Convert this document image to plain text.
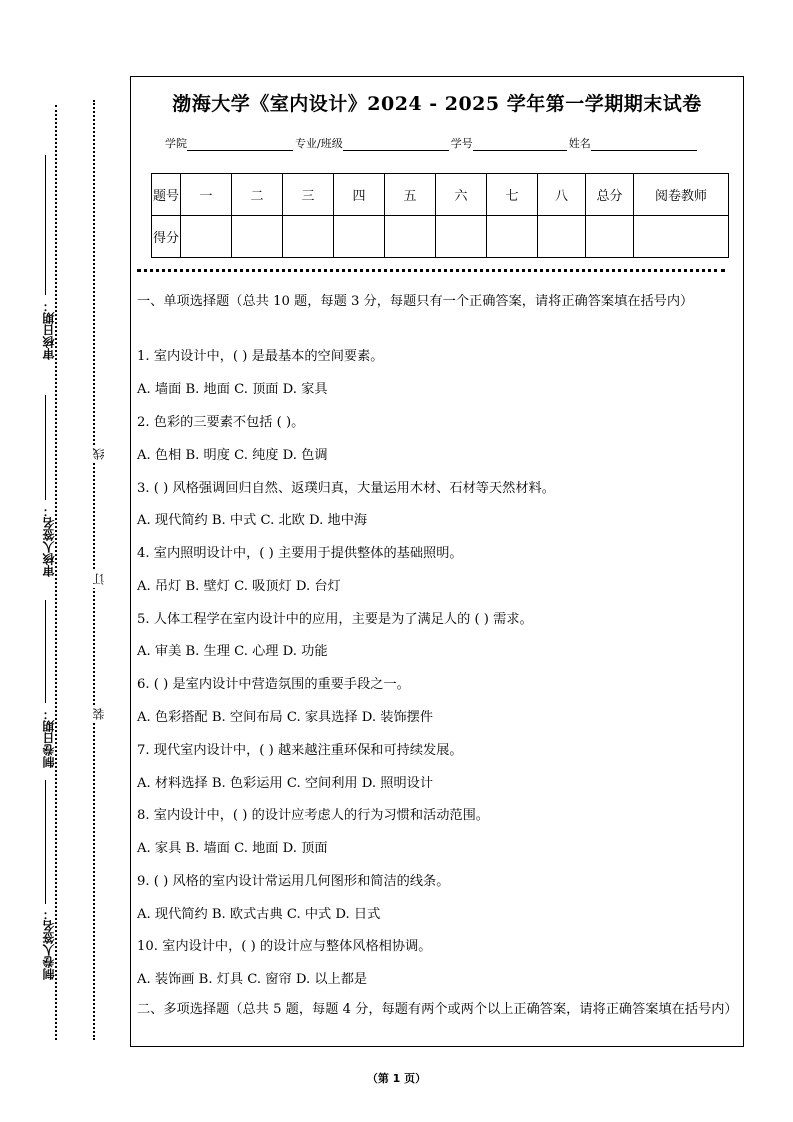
审核日期：
审核人签名：
制卷日期：
制卷人签名：
线
订
装
渤海大学《室内设计》2024 - 2025 学年第一学期期末试卷
学院	专业/班级	学号	姓名
题号	一	二	三	四	五	六	七	八	总分	阅卷教师
得分										
一、单项选择题（总共 10 题，每题 3 分，每题只有一个正确答案，请将正确答案填在括号内）
1. 室内设计中，( ) 是最基本的空间要素。
A. 墙面 B. 地面 C. 顶面 D. 家具
2. 色彩的三要素不包括 ( )。
A. 色相 B. 明度 C. 纯度 D. 色调
3. ( ) 风格强调回归自然、返璞归真，大量运用木材、石材等天然材料。
A. 现代简约 B. 中式 C. 北欧 D. 地中海
4. 室内照明设计中，( ) 主要用于提供整体的基础照明。
A. 吊灯 B. 壁灯 C. 吸顶灯 D. 台灯
5. 人体工程学在室内设计中的应用，主要是为了满足人的 ( ) 需求。
A. 审美 B. 生理 C. 心理 D. 功能
6. ( ) 是室内设计中营造氛围的重要手段之一。
A. 色彩搭配 B. 空间布局 C. 家具选择 D. 装饰摆件
7. 现代室内设计中，( ) 越来越注重环保和可持续发展。
A. 材料选择 B. 色彩运用 C. 空间利用 D. 照明设计
8. 室内设计中，( ) 的设计应考虑人的行为习惯和活动范围。
A. 家具 B. 墙面 C. 地面 D. 顶面
9. ( ) 风格的室内设计常运用几何图形和简洁的线条。
A. 现代简约 B. 欧式古典 C. 中式 D. 日式
10. 室内设计中，( ) 的设计应与整体风格相协调。
A. 装饰画 B. 灯具 C. 窗帘 D. 以上都是
二、多项选择题（总共 5 题，每题 4 分，每题有两个或两个以上正确答案，请将正确答案填在括号内）
（第 1 页）
